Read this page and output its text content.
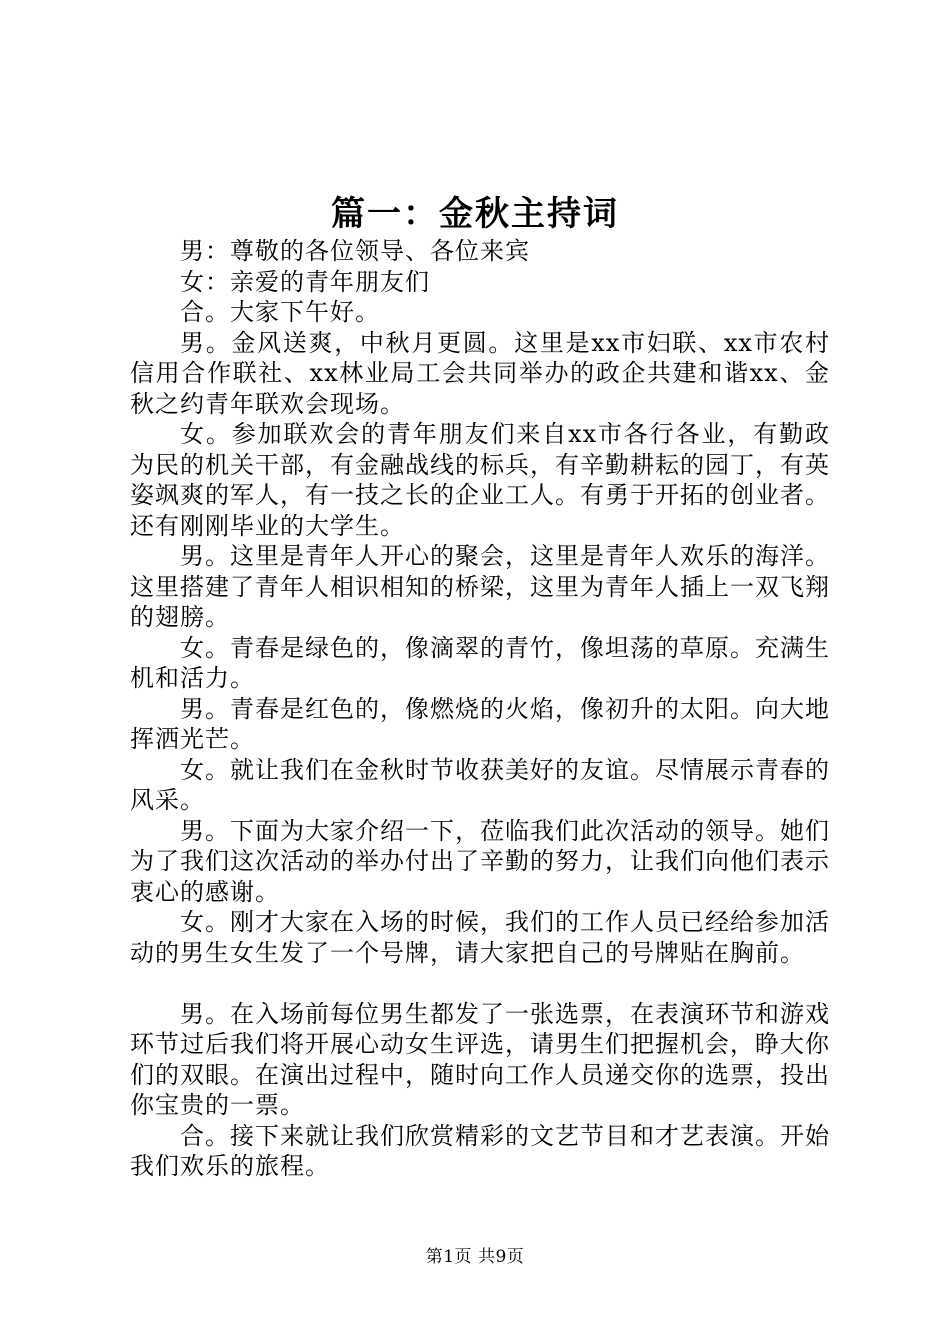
篇一：金秋主持词

男：尊敬的各位领导、各位来宾

女：亲爱的青年朋友们

合。大家下午好。

男。金风送爽，中秋月更圆。这里是xx市妇联、xx市农村信用合作联社、xx林业局工会共同举办的政企共建和谐xx、金秋之约青年联欢会现场。

女。参加联欢会的青年朋友们来自xx市各行各业，有勤政为民的机关干部，有金融战线的标兵，有辛勤耕耘的园丁，有英姿飒爽的军人，有一技之长的企业工人。有勇于开拓的创业者。还有刚刚毕业的大学生。

男。这里是青年人开心的聚会，这里是青年人欢乐的海洋。这里搭建了青年人相识相知的桥梁，这里为青年人插上一双飞翔的翅膀。

女。青春是绿色的，像滴翠的青竹，像坦荡的草原。充满生机和活力。

男。青春是红色的，像燃烧的火焰，像初升的太阳。向大地挥洒光芒。

女。就让我们在金秋时节收获美好的友谊。尽情展示青春的风采。

男。下面为大家介绍一下，莅临我们此次活动的领导。她们为了我们这次活动的举办付出了辛勤的努力，让我们向他们表示衷心的感谢。

女。刚才大家在入场的时候，我们的工作人员已经给参加活动的男生女生发了一个号牌，请大家把自己的号牌贴在胸前。

男。在入场前每位男生都发了一张选票，在表演环节和游戏环节过后我们将开展心动女生评选，请男生们把握机会，睁大你们的双眼。在演出过程中，随时向工作人员递交你的选票，投出你宝贵的一票。

合。接下来就让我们欣赏精彩的文艺节目和才艺表演。开始我们欢乐的旅程。

第1页 共9页
